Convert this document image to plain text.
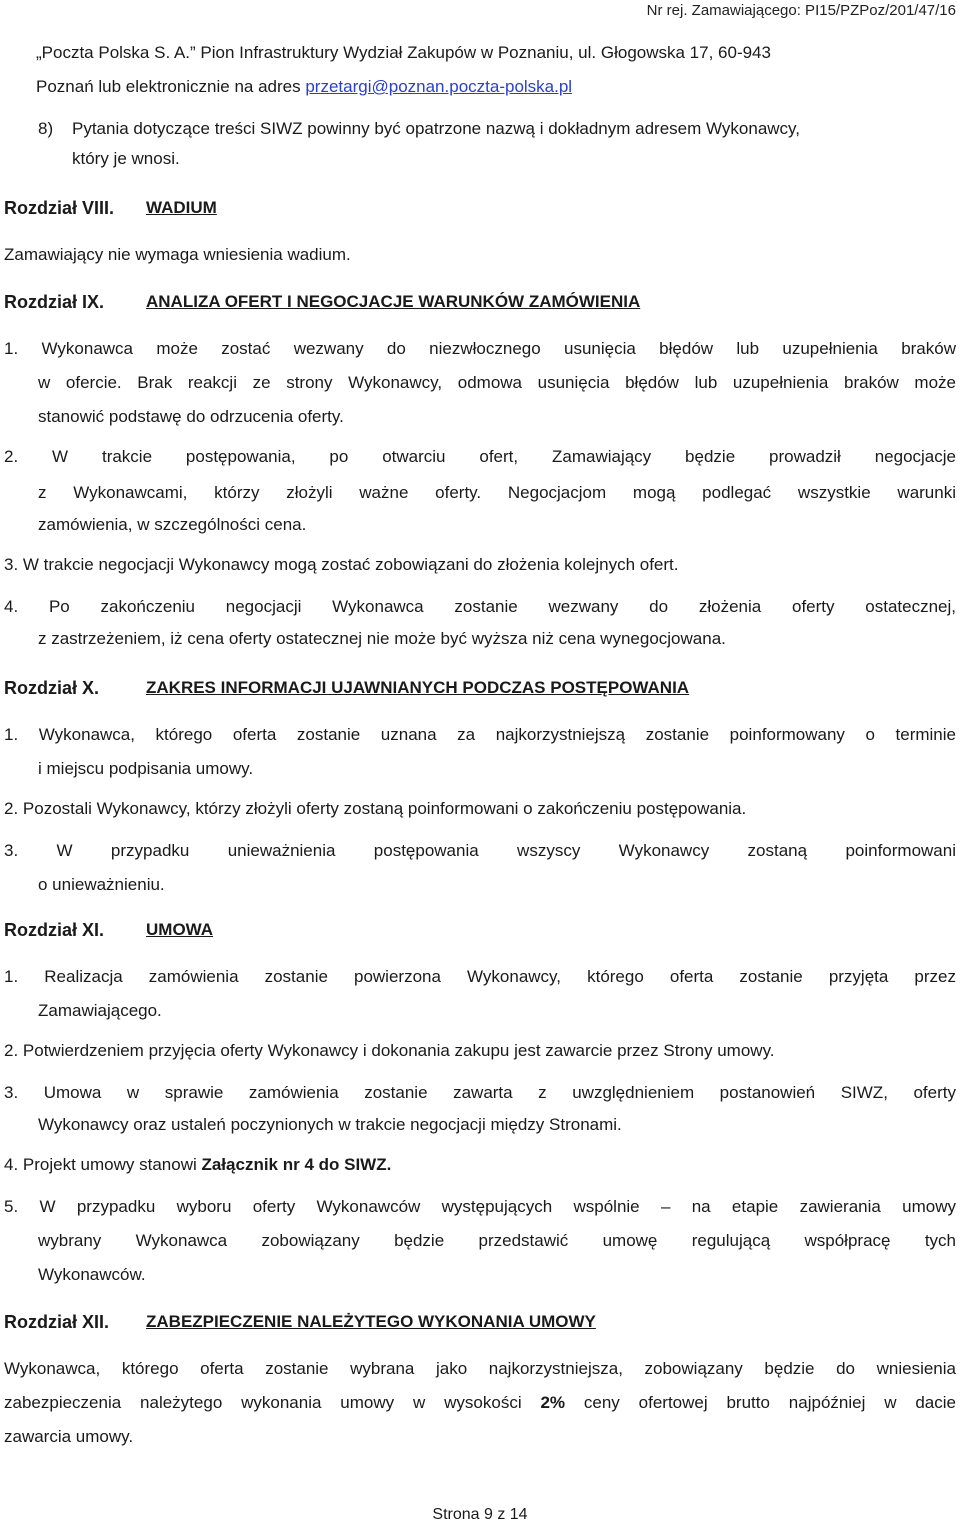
Nr rej. Zamawiającego: PI15/PZPoz/201/47/16
„Poczta Polska S. A.” Pion Infrastruktury Wydział Zakupów w Poznaniu, ul. Głogowska 17, 60-943
Poznań lub elektronicznie na adres przetargi@poznan.poczta-polska.pl
8) Pytania dotyczące treści SIWZ powinny być opatrzone nazwą i dokładnym adresem Wykonawcy,
który je wnosi.
Rozdział VIII. WADIUM
Zamawiający nie wymaga wniesienia wadium.
Rozdział IX. ANALIZA OFERT I NEGOCJACJE WARUNKÓW ZAMÓWIENIA
1. Wykonawca może zostać wezwany do niezwłocznego usunięcia błędów lub uzupełnienia braków
w ofercie. Brak reakcji ze strony Wykonawcy, odmowa usunięcia błędów lub uzupełnienia braków może
stanowić podstawę do odrzucenia oferty.
2. W trakcie postępowania, po otwarciu ofert, Zamawiający będzie prowadził negocjacje
z Wykonawcami, którzy złożyli ważne oferty. Negocjacjom mogą podlegać wszystkie warunki
zamówienia, w szczególności cena.
3. W trakcie negocjacji Wykonawcy mogą zostać zobowiązani do złożenia kolejnych ofert.
4. Po zakończeniu negocjacji Wykonawca zostanie wezwany do złożenia oferty ostatecznej,
z zastrzeżeniem, iż cena oferty ostatecznej nie może być wyższa niż cena wynegocjowana.
Rozdział X.	ZAKRES INFORMACJI UJAWNIANYCH PODCZAS POSTĘPOWANIA
1. Wykonawca, którego oferta zostanie uznana za najkorzystniejszą zostanie poinformowany o terminie
i miejscu podpisania umowy.
2. Pozostali Wykonawcy, którzy złożyli oferty zostaną poinformowani o zakończeniu postępowania.
3. W przypadku unieważnienia postępowania wszyscy Wykonawcy zostaną poinformowani
o unieważnieniu.
Rozdział XI. UMOWA
1. Realizacja zamówienia zostanie powierzona Wykonawcy, którego oferta zostanie przyjęta przez
Zamawiającego.
2. Potwierdzeniem przyjęcia oferty Wykonawcy i dokonania zakupu jest zawarcie przez Strony umowy.
3. Umowa w sprawie zamówienia zostanie zawarta z uwzględnieniem postanowień SIWZ, oferty
Wykonawcy oraz ustaleń poczynionych w trakcie negocjacji między Stronami.
4. Projekt umowy stanowi Załącznik nr 4 do SIWZ.
5. W przypadku wyboru oferty Wykonawców występujących wspólnie – na etapie zawierania umowy
wybrany Wykonawca zobowiązany będzie przedstawić umowę regulującą współpracę tych
Wykonawców.
Rozdział XII. ZABEZPIECZENIE NALEŻYTEGO WYKONANIA UMOWY
Wykonawca, którego oferta zostanie wybrana jako najkorzystniejsza, zobowiązany będzie do wniesienia
zabezpieczenia należytego wykonania umowy w wysokości 2% ceny ofertowej brutto najpóźniej w dacie
zawarcia umowy.
Strona 9 z 14
